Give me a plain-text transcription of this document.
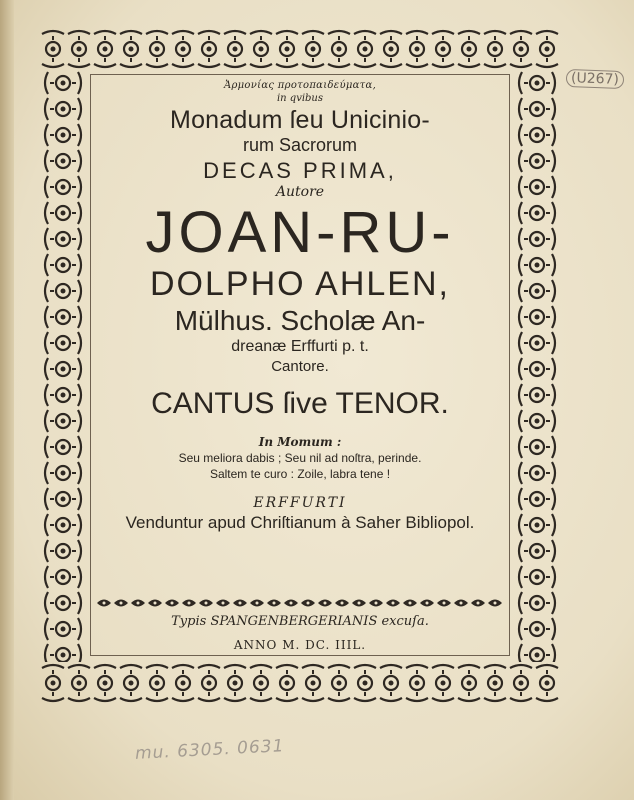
Ἀρμονίας προτοπαιδεύματα,
in qvibus
Monadum ſeu Unicinio-
rum Sacrorum
DECAS PRIMA,
Autore
JOAN-RU-
DOLPHO AHLEN,
Mülhus. Scholæ An-
dreanæ Erffurti p. t.
Cantore.
CANTUS ſive TENOR.
In Momum :
Seu meliora dabis ; Seu nil ad noſtra, perinde.
Saltem te curo : Zoile, labra tene !
ERFFURTI
Venduntur apud Chriſtianum à Saher Bibliopol.
Typis SPANGENBERGERIANIS excuſa.
ANNO M. DC. IIIL.
(U267)
mu. 6305. 0631
